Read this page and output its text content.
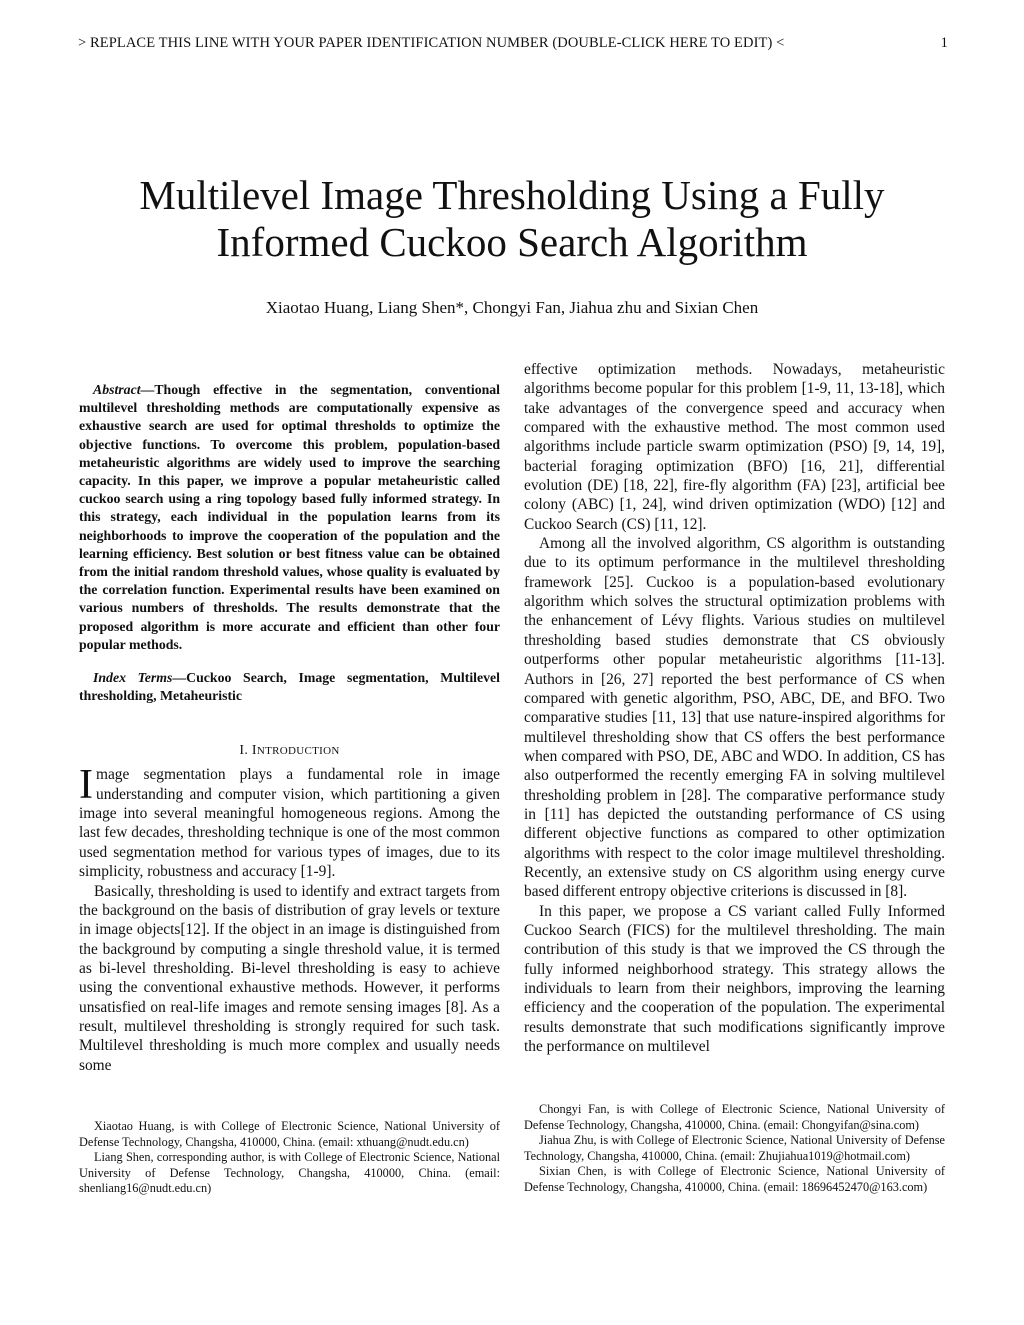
> REPLACE THIS LINE WITH YOUR PAPER IDENTIFICATION NUMBER (DOUBLE-CLICK HERE TO EDIT) <	1
Multilevel Image Thresholding Using a Fully
Informed Cuckoo Search Algorithm
Xiaotao Huang, Liang Shen*, Chongyi Fan, Jiahua zhu and Sixian Chen

Abstract—Though effective in the segmentation, conventional multilevel thresholding methods are computationally expensive as exhaustive search are used for optimal thresholds to optimize the objective functions. To overcome this problem, population-based metaheuristic algorithms are widely used to improve the searching capacity. In this paper, we improve a popular metaheuristic called cuckoo search using a ring topology based fully informed strategy. In this strategy, each individual in the population learns from its neighborhoods to improve the cooperation of the population and the learning efficiency. Best solution or best fitness value can be obtained from the initial random threshold values, whose quality is evaluated by the correlation function. Experimental results have been examined on various numbers of thresholds. The results demonstrate that the proposed algorithm is more accurate and efficient than other four popular methods.

Index Terms—Cuckoo Search, Image segmentation, Multilevel thresholding, Metaheuristic

I. INTRODUCTION

Image segmentation plays a fundamental role in image understanding and computer vision, which partitioning a given image into several meaningful homogeneous regions. Among the last few decades, thresholding technique is one of the most common used segmentation method for various types of images, due to its simplicity, robustness and accuracy [1-9].

Basically, thresholding is used to identify and extract targets from the background on the basis of distribution of gray levels or texture in image objects[12]. If the object in an image is distinguished from the background by computing a single threshold value, it is termed as bi-level thresholding. Bi-level thresholding is easy to achieve using the conventional exhaustive methods. However, it performs unsatisfied on real-life images and remote sensing images [8]. As a result, multilevel thresholding is strongly required for such task. Multilevel thresholding is much more complex and usually needs some

effective optimization methods. Nowadays, metaheuristic algorithms become popular for this problem [1-9, 11, 13-18], which take advantages of the convergence speed and accuracy when compared with the exhaustive method. The most common used algorithms include particle swarm optimization (PSO) [9, 14, 19], bacterial foraging optimization (BFO) [16, 21], differential evolution (DE) [18, 22], fire-fly algorithm (FA) [23], artificial bee colony (ABC) [1, 24], wind driven optimization (WDO) [12] and Cuckoo Search (CS) [11, 12].

Among all the involved algorithm, CS algorithm is outstanding due to its optimum performance in the multilevel thresholding framework [25]. Cuckoo is a population-based evolutionary algorithm which solves the structural optimization problems with the enhancement of Lévy flights. Various studies on multilevel thresholding based studies demonstrate that CS obviously outperforms other popular metaheuristic algorithms [11-13]. Authors in [26, 27] reported the best performance of CS when compared with genetic algorithm, PSO, ABC, DE, and BFO. Two comparative studies [11, 13] that use nature-inspired algorithms for multilevel thresholding show that CS offers the best performance when compared with PSO, DE, ABC and WDO. In addition, CS has also outperformed the recently emerging FA in solving multilevel thresholding problem in [28]. The comparative performance study in [11] has depicted the outstanding performance of CS using different objective functions as compared to other optimization algorithms with respect to the color image multilevel thresholding. Recently, an extensive study on CS algorithm using energy curve based different entropy objective criterions is discussed in [8].

In this paper, we propose a CS variant called Fully Informed Cuckoo Search (FICS) for the multilevel thresholding. The main contribution of this study is that we improved the CS through the fully informed neighborhood strategy. This strategy allows the individuals to learn from their neighbors, improving the learning efficiency and the cooperation of the population. The experimental results demonstrate that such modifications significantly improve the performance on multilevel

Xiaotao Huang, is with College of Electronic Science, National University of Defense Technology, Changsha, 410000, China. (email: xthuang@nudt.edu.cn)

Liang Shen, corresponding author, is with College of Electronic Science, National University of Defense Technology, Changsha, 410000, China. (email: shenliang16@nudt.edu.cn)

Chongyi Fan, is with College of Electronic Science, National University of Defense Technology, Changsha, 410000, China. (email: Chongyifan@sina.com)

Jiahua Zhu, is with College of Electronic Science, National University of Defense Technology, Changsha, 410000, China. (email: Zhujiahua1019@hotmail.com)

Sixian Chen, is with College of Electronic Science, National University of Defense Technology, Changsha, 410000, China. (email: 18696452470@163.com)
